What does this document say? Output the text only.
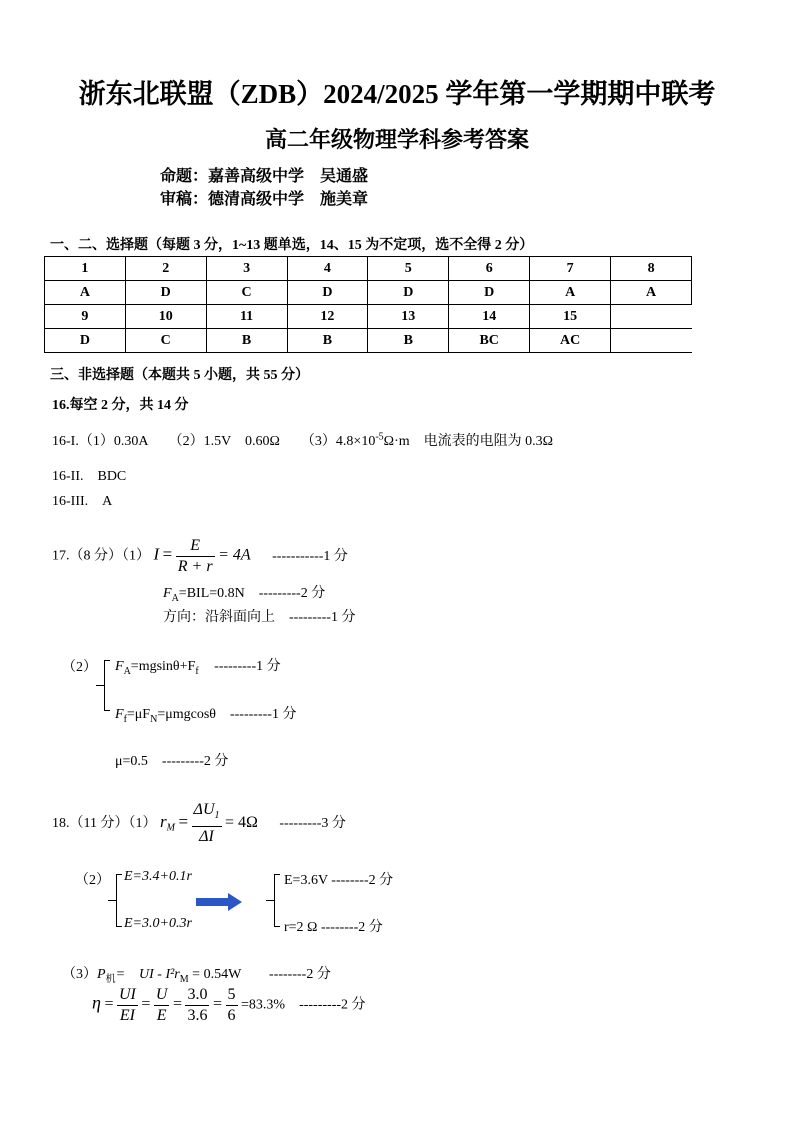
浙东北联盟（ZDB）2024/2025 学年第一学期期中联考
高二年级物理学科参考答案
命题：嘉善高级中学　吴通盛
审稿：德清高级中学　施美章
一、二、选择题（每题 3 分，1~13 题单选，14、15 为不定项，选不全得 2 分）
1	2	3	4	5	6	7	8
A	D	C	D	D	D	A	A
9	10	11	12	13	14	15	
D	C	B	B	B	BC	AC	
三、非选择题（本题共 5 小题，共 55 分）
16.每空 2 分，共 14 分
16-I.（1）0.30A　　（2）1.5V　0.60Ω　　$(3)4.8\times 10^{-5}\Omega\cdot m$　电流表的电阻为 0.3Ω
16-II.　BDC
16-III.　A
17.（8 分）（1） $I = \frac{E}{R + r} = 4A$ -----------1 分
$F_A=BIL=0.8N$　---------2 分
方向：沿斜面向上　---------1 分
（2） $F_A=mgsin\theta+F_f$ ---------1 分
$F_f=\mu F_N=\mu mgcos\theta$　---------1 分
μ=0.5　---------2 分
18.（11 分）（1） $r_M = \frac{\Delta U_1}{\Delta I} = 4\Omega$ ---------3 分
（2） E=3.4+0.1r
E=3.0+0.3r
E=3.6V --------2 分
r=2 Ω --------2 分
$(3)P_机=$　UI - $I^2r_M = 0.54W$　　--------2 分
$\eta = \frac{UI}{EI} = \frac{U}{E} = \frac{3.0}{3.6} = \frac{5}{6} =83.3\%$　---------2 分
